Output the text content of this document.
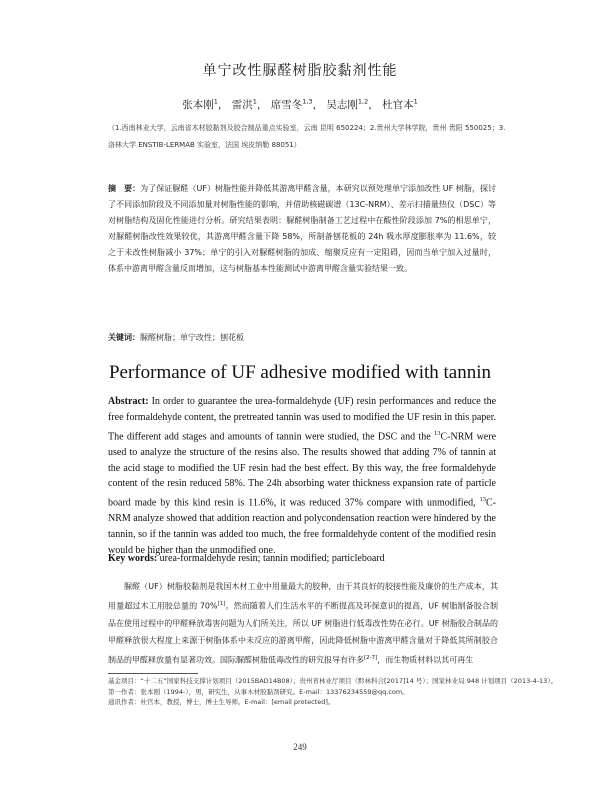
单宁改性脲醛树脂胶黏剂性能
张本刚$^1$， 雷洪$^1$， 席雪冬$^{1,3}$， 吴志刚$^{1,2}$， 杜官本$^1$
（1.西南林业大学，云南省木材胶黏剂及胶合制品重点实验室，云南 昆明 650224；2.贵州大学林学院，贵州 贵阳 550025；3. 洛林大学 ENSTIB-LERMAB 实验室，法国 埃皮纳勒 88051）
摘　要：为了保证脲醛（UF）树脂性能并降低其游离甲醛含量，本研究以预处理单宁添加改性 UF 树脂，探讨了不同添加阶段及不同添加量对树脂性能的影响，并借助核磁碳谱（13C-NRM）、差示扫描量热仪（DSC）等对树脂结构及固化性能进行分析。研究结果表明：脲醛树脂制备工艺过程中在酸性阶段添加 7%的相思单宁，对脲醛树脂改性效果较优，其游离甲醛含量下降 58%，所制备刨花板的 24h 吸水厚度膨胀率为 11.6%，较之于未改性树脂减小 37%；单宁的引入对脲醛树脂的加成、缩聚反应有一定阻碍，因而当单宁加入过量时，体系中游离甲醛含量反而增加，这与树脂基本性能测试中游离甲醛含量实验结果一致。
关键词：脲醛树脂；单宁改性；刨花板
Performance of UF adhesive modified with tannin
Abstract: In order to guarantee the urea-formaldehyde (UF) resin performances and reduce the free formaldehyde content, the pretreated tannin was used to modified the UF resin in this paper. The different add stages and amounts of tannin were studied, the DSC and the $^{13}$C-NRM were used to analyze the structure of the resins also. The results showed that adding 7% of tannin at the acid stage to modified the UF resin had the best effect. By this way, the free formaldehyde content of the resin reduced 58%. The 24h absorbing water thickness expansion rate of particle board made by this kind resin is 11.6%, it was reduced 37% compare with unmodified, $^{13}$C-NRM analyze showed that addition reaction and polycondensation reaction were hindered by the tannin, so if the tannin was added too much, the free formaldehyde content of the modified resin would be higher than the unmodified one.
Key words: urea-formaldehyde resin; tannin modified; particleboard
脲醛（UF）树脂胶黏剂是我国木材工业中用量最大的胶种，由于其良好的胶接性能及廉价的生产成本，其用量超过木工用胶总量的 70%[1]。然而随着人们生活水平的不断提高及环保意识的提高，UF 树脂制备胶合制品在使用过程中的甲醛释放毒害问题为人们所关注，所以 UF 树脂进行低毒改性势在必行。UF 树脂胶合制品的甲醛释放很大程度上来源于树脂体系中未反应的游离甲醛，因此降低树脂中游离甲醛含量对于降低其所制胶合制品的甲醛释放量有显著功效。国际脲醛树脂低毒改性的研究报导有许多[2-7]，而生物质材料以其可再生
基金项目：“十二五”国家科技支撑计划项目（2015BAD14B08）；贵州省林业厅项目（黔林科合[2017]14 号）；国家林业局 948 计划项目（2013-4-13）。
第一作者：张本刚（1994-），男，研究生，从事木材胶黏剂研究。E-mail：13376234559@qq.com。
通讯作者：杜官本，教授，博士，博士生导师。E-mail：[email protected]。
249
